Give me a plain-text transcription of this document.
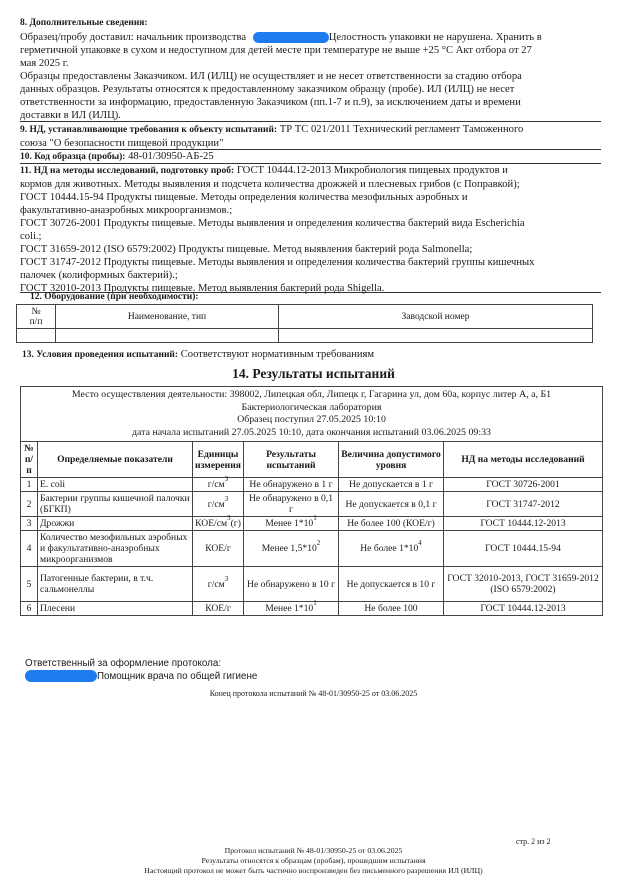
8. Дополнительные сведения:
Образец/пробу доставил: начальник производства	Целостность упаковки не нарушена. Хранить в
герметичной упаковке в сухом и недоступном для детей месте при температуре не выше +25 °С Акт отбора от 27
мая 2025 г.
Образцы предоставлены Заказчиком. ИЛ (ИЛЦ) не осуществляет и не несет ответственности за стадию отбора
данных образцов. Результаты относятся к предоставленному заказчиком образцу (пробе). ИЛ (ИЛЦ) не несет
ответственности за информацию, предоставленную Заказчиком (пп.1-7 и п.9), за исключением даты и времени
доставки в ИЛ (ИЛЦ).
9. НД, устанавливающие требования к объекту испытаний: ТР ТС 021/2011 Технический регламент Таможенного
союза "О безопасности пищевой продукции"
10. Код образца (пробы): 48-01/30950-АБ-25
11. НД на методы исследований, подготовку проб: ГОСТ 10444.12-2013 Микробиология пищевых продуктов и
кормов для животных. Методы выявления и подсчета количества дрожжей и плесневых грибов (с Поправкой);
ГОСТ 10444.15-94 Продукты пищевые. Методы определения количества мезофильных аэробных и
факультативно-анаэробных микроорганизмов.;
ГОСТ 30726-2001 Продукты пищевые. Методы выявления и определения количества бактерий вида Escherichia
coli.;
ГОСТ 31659-2012 (ISO 6579:2002) Продукты пищевые. Метод выявления бактерий рода Salmonella;
ГОСТ 31747-2012 Продукты пищевые. Методы выявления и определения количества бактерий группы кишечных
палочек (колиформных бактерий).;
ГОСТ 32010-2013 Продукты пищевые. Метод выявления бактерий рода Shigella.
12. Оборудование (при необходимости):
№
п/п	Наименование, тип	Заводской номер

13. Условия проведения испытаний: Соответствуют нормативным требованиям
14. Результаты испытаний
Место осуществления деятельности: 398002, Липецкая обл, Липецк г, Гагарина ул, дом 60а, корпус литер А, а, Б1
Бактериологическая лаборатория
Образец поступил 27.05.2025 10:10
дата начала испытаний 27.05.2025 10:10, дата окончания испытаний 03.06.2025 09:33
№ п/п	Определяемые показатели	Единицы измерения	Результаты испытаний	Величина допустимого уровня	НД на методы исследований
1	E. coli	$г/см^3$	Не обнаружено в 1 г	Не допускается в 1 г	ГОСТ 30726-2001
2	Бактерии группы кишечной палочки (БГКП)	$г/см^3$	Не обнаружено в 0,1 г	Не допускается в 0,1 г	ГОСТ 31747-2012
3	Дрожжи	КОЕ/$см^3(г)$	Менее $1*10^1$	Не более 100 (КОЕ/г)	ГОСТ 10444.12-2013
4	Количество мезофильных аэробных и факультативно-анаэробных микроорганизмов	КОЕ/г	Менее $1,5*10^2$	Не более $1*10^4$	ГОСТ 10444.15-94
5	Патогенные бактерии, в т.ч. сальмонеллы	$г/см^3$	Не обнаружено в 10 г	Не допускается в 10 г	ГОСТ 32010-2013, ГОСТ 31659-2012 (ISO 6579:2002)
6	Плесени	КОЕ/г	Менее $1*10^1$	Не более 100	ГОСТ 10444.12-2013
Ответственный за оформление протокола:
Помощник врача по общей гигиене
Конец протокола испытаний № 48-01/30950-25 от 03.06.2025
стр. 2 из 2
Протокол испытаний № 48-01/30950-25 от 03.06.2025
Результаты относятся к образцам (пробам), прошедшим испытания
Настоящий протокол не может быть частично воспроизведен без письменного разрешения ИЛ (ИЛЦ)
